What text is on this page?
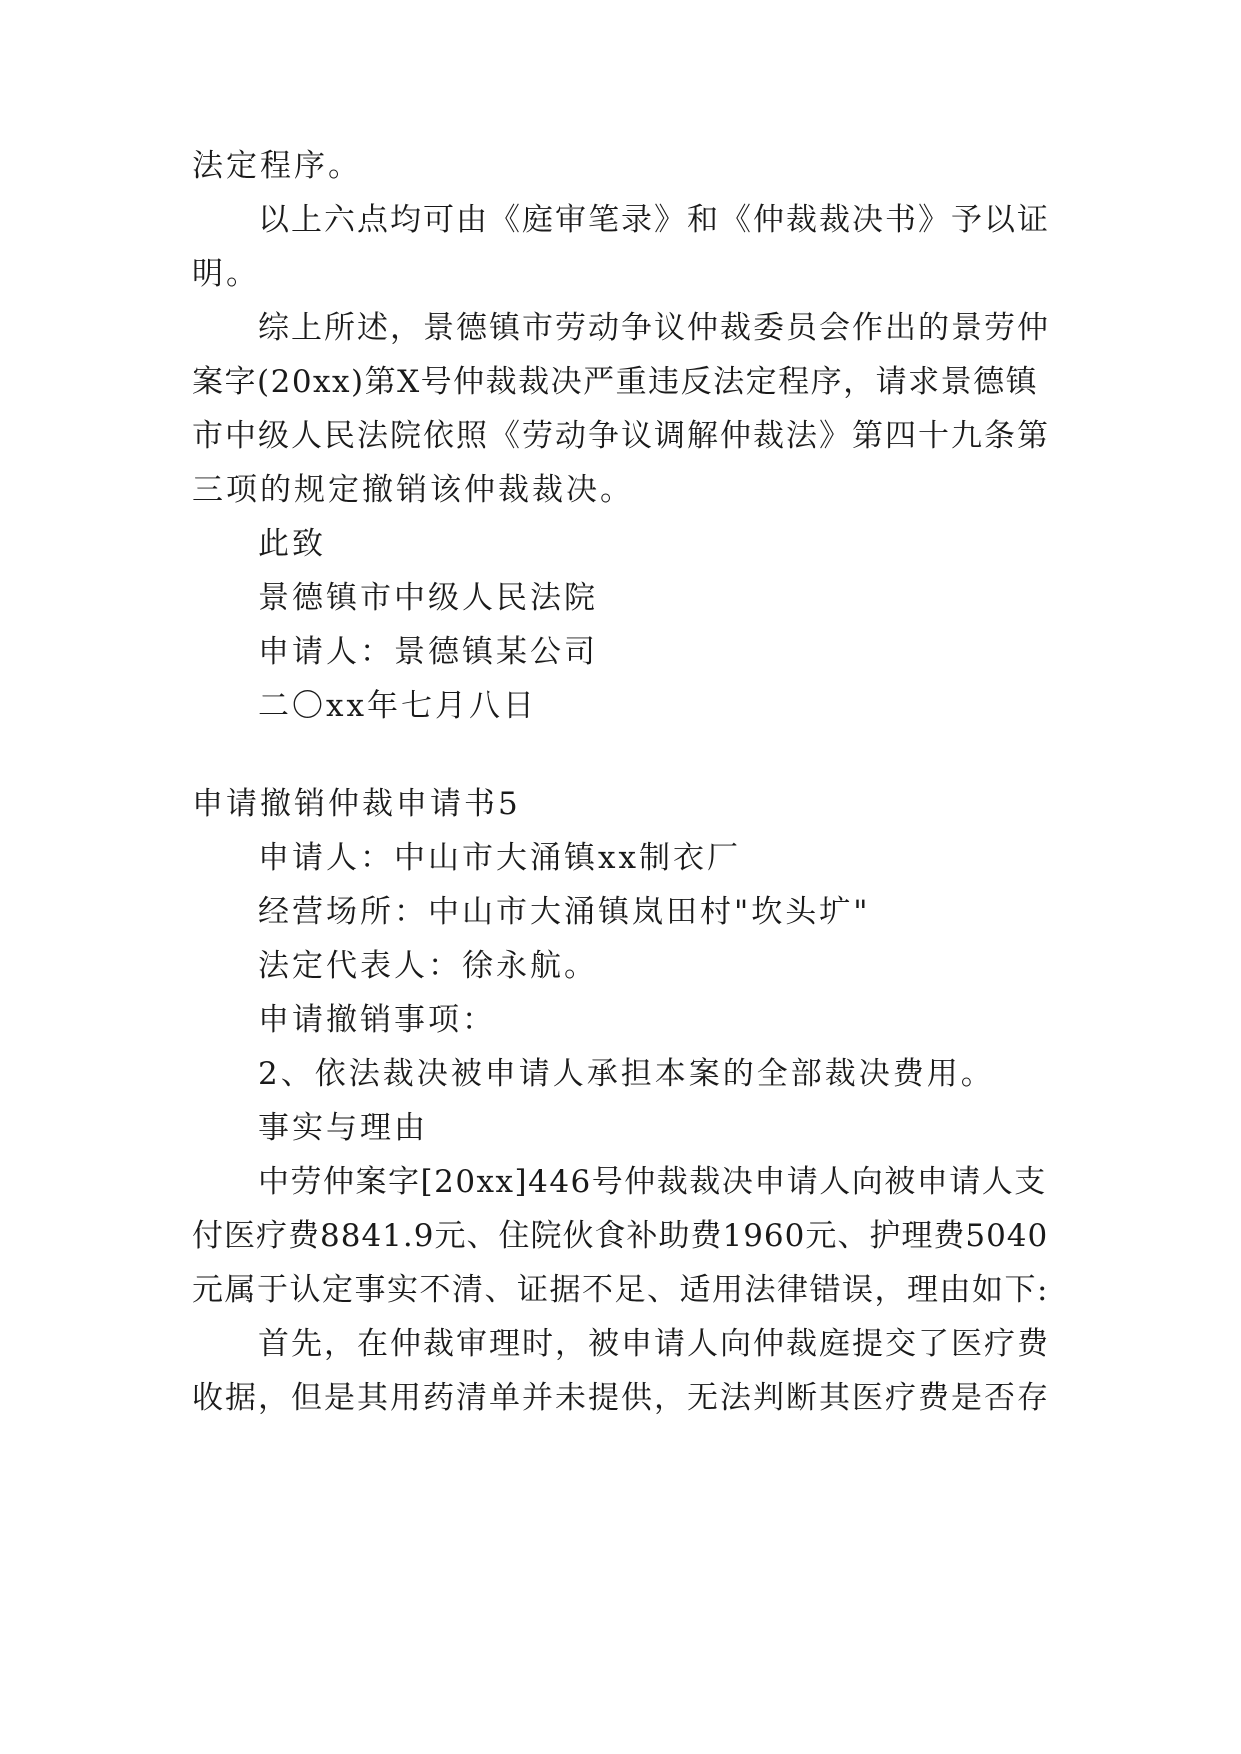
法定程序。
以上六点均可由《庭审笔录》和《仲裁裁决书》予以证
明。
综上所述，景德镇市劳动争议仲裁委员会作出的景劳仲
案字(20xx)第X号仲裁裁决严重违反法定程序，请求景德镇
市中级人民法院依照《劳动争议调解仲裁法》第四十九条第
三项的规定撤销该仲裁裁决。
此致
景德镇市中级人民法院
申请人：景德镇某公司
二〇xx年七月八日
申请撤销仲裁申请书5
申请人：中山市大涌镇xx制衣厂
经营场所：中山市大涌镇岚田村"坎头圹"
法定代表人：徐永航。
申请撤销事项：
2、依法裁决被申请人承担本案的全部裁决费用。
事实与理由
中劳仲案字[20xx]446号仲裁裁决申请人向被申请人支
付医疗费8841.9元、住院伙食补助费1960元、护理费5040
元属于认定事实不清、证据不足、适用法律错误，理由如下:
首先，在仲裁审理时，被申请人向仲裁庭提交了医疗费
收据，但是其用药清单并未提供，无法判断其医疗费是否存
